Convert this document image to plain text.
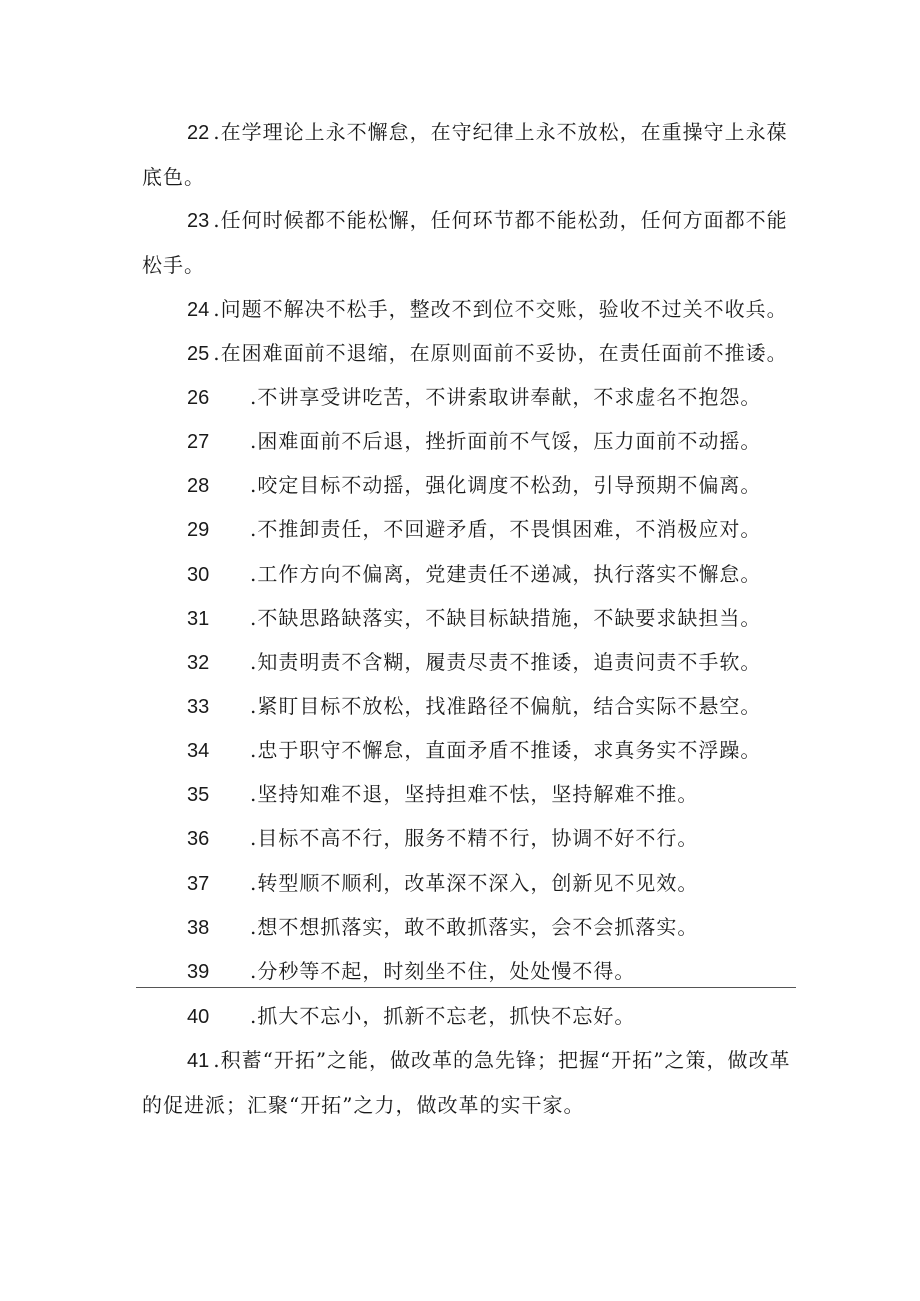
22 .在学理论上永不懈怠，在守纪律上永不放松，在重操守上永葆底色。
23 .任何时候都不能松懈，任何环节都不能松劲，任何方面都不能松手。
24 .问题不解决不松手，整改不到位不交账，验收不过关不收兵。
25 .在困难面前不退缩，在原则面前不妥协，在责任面前不推诿。
26	.不讲享受讲吃苦，不讲索取讲奉献，不求虚名不抱怨。
27	.困难面前不后退，挫折面前不气馁，压力面前不动摇。
28	.咬定目标不动摇，强化调度不松劲，引导预期不偏离。
29	.不推卸责任，不回避矛盾，不畏惧困难，不消极应对。
30	.工作方向不偏离，党建责任不递减，执行落实不懈怠。
31	.不缺思路缺落实，不缺目标缺措施，不缺要求缺担当。
32	.知责明责不含糊，履责尽责不推诿，追责问责不手软。
33	.紧盯目标不放松，找准路径不偏航，结合实际不悬空。
34	.忠于职守不懈怠，直面矛盾不推诿，求真务实不浮躁。
35	.坚持知难不退，坚持担难不怯，坚持解难不推。
36	.目标不高不行，服务不精不行，协调不好不行。
37	.转型顺不顺利，改革深不深入，创新见不见效。
38	.想不想抓落实，敢不敢抓落实，会不会抓落实。
39	.分秒等不起，时刻坐不住，处处慢不得。
40	.抓大不忘小，抓新不忘老，抓快不忘好。
41 .积蓄“开拓”之能，做改革的急先锋；把握“开拓”之策，做改革的促进派；汇聚“开拓”之力，做改革的实干家。
